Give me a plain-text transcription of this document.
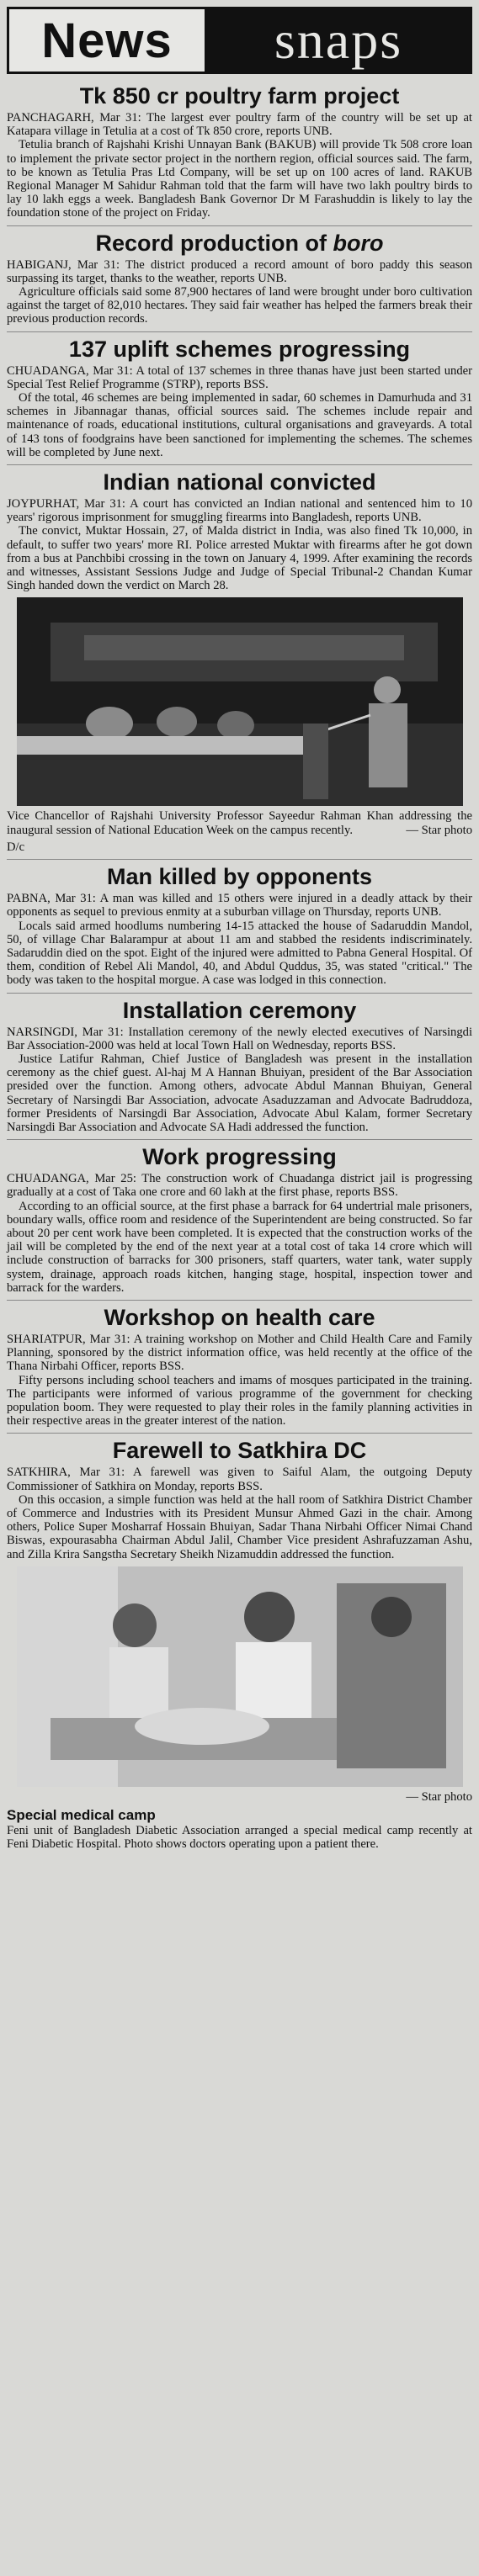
News	snaps
Tk 850 cr poultry farm project

PANCHAGARH, Mar 31: The largest ever poultry farm of the country will be set up at Katapara village in Tetulia at a cost of Tk 850 crore, reports UNB.

Tetulia branch of Rajshahi Krishi Unnayan Bank (BAKUB) will provide Tk 508 crore loan to implement the private sector project in the northern region, official sources said. The farm, to be known as Tetulia Pras Ltd Company, will be set up on 100 acres of land. RAKUB Regional Manager M Sahidur Rahman told that the farm will have two lakh poultry birds to lay 10 lakh eggs a week. Bangladesh Bank Governor Dr M Farashuddin is likely to lay the foundation stone of the project on Friday.

Record production of boro

HABIGANJ, Mar 31: The district produced a record amount of boro paddy this season surpassing its target, thanks to the weather, reports UNB.

Agriculture officials said some 87,900 hectares of land were brought under boro cultivation against the target of 82,010 hectares. They said fair weather has helped the farmers break their previous production records.

137 uplift schemes progressing

CHUADANGA, Mar 31: A total of 137 schemes in three thanas have just been started under Special Test Relief Programme (STRP), reports BSS.

Of the total, 46 schemes are being implemented in sadar, 60 schemes in Damurhuda and 31 schemes in Jibannagar thanas, official sources said. The schemes include repair and maintenance of roads, educational institutions, cultural organisations and graveyards. A total of 143 tons of foodgrains have been sanctioned for implementing the schemes. The schemes will be completed by June next.

Indian national convicted

JOYPURHAT, Mar 31: A court has convicted an Indian national and sentenced him to 10 years' rigorous imprisonment for smuggling firearms into Bangladesh, reports UNB.

The convict, Muktar Hossain, 27, of Malda district in India, was also fined Tk 10,000, in default, to suffer two years' more RI. Police arrested Muktar with firearms after he got down from a bus at Panchbibi crossing in the town on January 4, 1999. After examining the records and witnesses, Assistant Sessions Judge and Judge of Special Tribunal-2 Chandan Kumar Singh handed down the verdict on March 28.

Vice Chancellor of Rajshahi University Professor Sayeedur Rahman Khan addressing the inaugural session of National Education Week on the campus recently.	— Star photo

D/c

Man killed by opponents

PABNA, Mar 31: A man was killed and 15 others were injured in a deadly attack by their opponents as sequel to previous enmity at a suburban village on Thursday, reports UNB.

Locals said armed hoodlums numbering 14-15 attacked the house of Sadaruddin Mandol, 50, of village Char Balarampur at about 11 am and stabbed the residents indiscriminately. Sadaruddin died on the spot. Eight of the injured were admitted to Pabna General Hospital. Of them, condition of Rebel Ali Mandol, 40, and Abdul Quddus, 35, was stated "critical." The body was taken to the hospital morgue. A case was lodged in this connection.

Installation ceremony

NARSINGDI, Mar 31: Installation ceremony of the newly elected executives of Narsingdi Bar Association-2000 was held at local Town Hall on Wednesday, reports BSS.

Justice Latifur Rahman, Chief Justice of Bangladesh was present in the installation ceremony as the chief guest. Al-haj M A Hannan Bhuiyan, president of the Bar Association presided over the function. Among others, advocate Abdul Mannan Bhuiyan, General Secretary of Narsingdi Bar Association, advocate Asaduzzaman and Advocate Badruddoza, former Presidents of Narsingdi Bar Association, Advocate Abul Kalam, former Secretary Narsingdi Bar Association and Advocate SA Hadi addressed the function.

Work progressing

CHUADANGA, Mar 25: The construction work of Chuadanga district jail is progressing gradually at a cost of Taka one crore and 60 lakh at the first phase, reports BSS.

According to an official source, at the first phase a barrack for 64 undertrial male prisoners, boundary walls, office room and residence of the Superintendent are being constructed. So far about 20 per cent work have been completed. It is expected that the construction works of the jail will be completed by the end of the next year at a total cost of taka 14 crore which will include construction of barracks for 300 prisoners, staff quarters, water tank, water supply system, drainage, approach roads kitchen, hanging stage, hospital, inspection tower and barrack for the warders.

Workshop on health care

SHARIATPUR, Mar 31: A training workshop on Mother and Child Health Care and Family Planning, sponsored by the district information office, was held recently at the office of the Thana Nirbahi Officer, reports BSS.

Fifty persons including school teachers and imams of mosques participated in the training. The participants were informed of various programme of the government for checking population boom. They were requested to play their roles in the family planning activities in their respective areas in the greater interest of the nation.

Farewell to Satkhira DC

SATKHIRA, Mar 31: A farewell was given to Saiful Alam, the outgoing Deputy Commissioner of Satkhira on Monday, reports BSS.

On this occasion, a simple function was held at the hall room of Satkhira District Chamber of Commerce and Industries with its President Munsur Ahmed Gazi in the chair. Among others, Police Super Mosharraf Hossain Bhuiyan, Sadar Thana Nirbahi Officer Nimai Chand Biswas, expourasabha Chairman Abdul Jalil, Chamber Vice president Ashrafuzzaman Ashu, and Zilla Krira Sangstha Secretary Sheikh Nizamuddin addressed the function.

— Star photo

Special medical camp

Feni unit of Bangladesh Diabetic Association arranged a special medical camp recently at Feni Diabetic Hospital. Photo shows doctors operating upon a patient there.
